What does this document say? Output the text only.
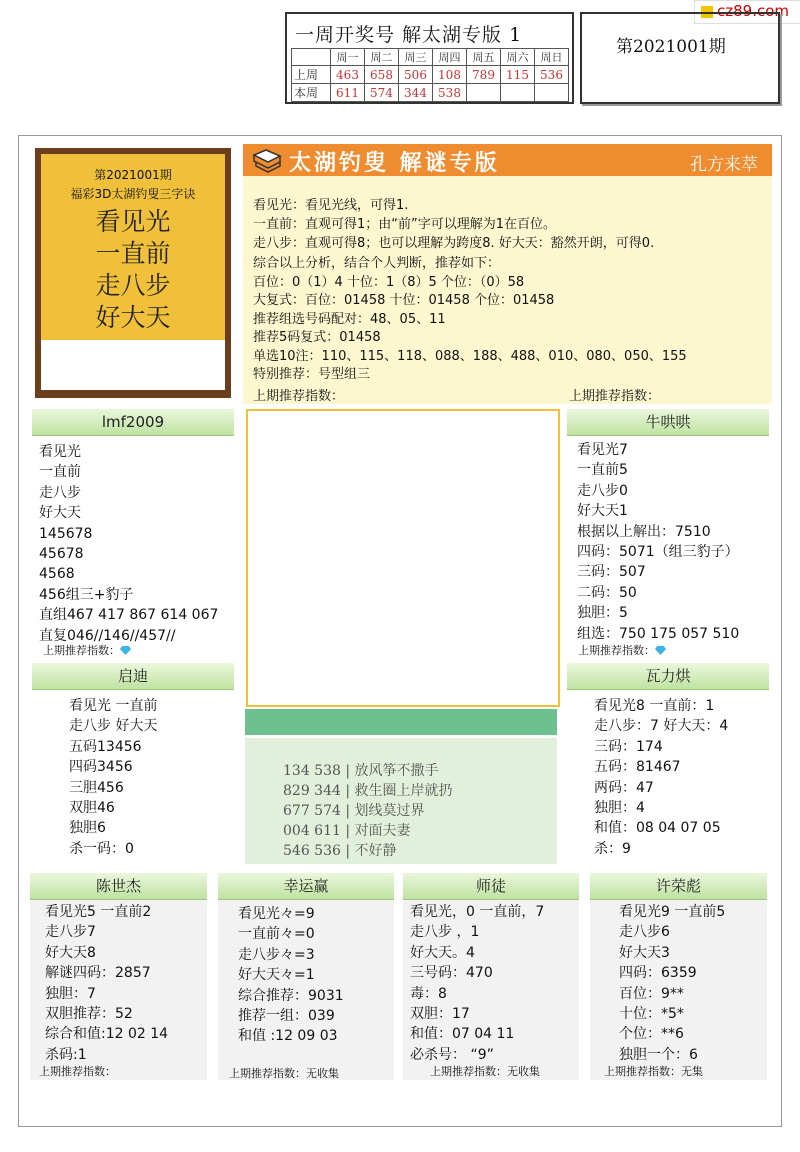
cz89.com
一周开奖号 解太湖专版 1
	周一	周二	周三	周四	周五	周六	周日
上周	463	658	506	108	789	115	536
本周	611	574	344	538			
第2021001期
第2021001期
福彩3D太湖钓叟三字诀
看见光
一直前
走八步
好大天
太湖钓叟 解谜专版	孔方来萃
看见光：看见光线，可得1.
一直前：直观可得1；由“前”字可以理解为1在百位。
走八步：直观可得8；也可以理解为跨度8. 好大天：豁然开朗，可得0.
综合以上分析，结合个人判断，推荐如下：
百位：0（1）4 十位：1（8）5 个位：（0）58
大复式：百位：01458 十位：01458 个位：01458
推荐组选号码配对：48、05、11
推荐5码复式：01458
单选10注：110、115、118、088、188、488、010、080、050、155
特别推荐：号型组三
上期推荐指数：	上期推荐指数：
lmf2009
看见光
一直前
走八步
好大天
145678
45678
4568
456组三+豹子
直组467 417 867 614 067
直复046//146//457//
上期推荐指数：
牛哄哄
看见光7
一直前5
走八步0
好大天1
根据以上解出：7510
四码：5071（组三豹子）
三码：507
二码：50
独胆：5
组选：750 175 057 510
上期推荐指数：
启迪
看见光 一直前
走八步 好大天
五码13456
四码3456
三胆456
双胆46
独胆6
杀一码：0
瓦力烘
看见光8 一直前：1
走八步：7 好大天：4
三码：174
五码：81467
两码：47
独胆：4
和值：08 04 07 05
杀：9
134 538 | 放风筝不撒手
829 344 | 救生圈上岸就扔
677 574 | 划线莫过界
004 611 | 对面夫妻
546 536 | 不好静
陈世杰
看见光5 一直前2
走八步7
好大天8
解谜四码：2857
独胆：7
双胆推荐：52
综合和值:12 02 14
杀码:1
上期推荐指数：
幸运赢
看见光々=9
一直前々=0
走八步々=3
好大天々=1
综合推荐：9031
推荐一组：039
和值 :12 09 03
上期推荐指数：无收集
师徒
看见光，0 一直前，7
走八步 ，1
好大天。4
三号码：470
毒：8
双胆：17
和值：07 04 11
必杀号： “9”
上期推荐指数：无收集
许荣彪
看见光9 一直前5
走八步6
好大天3
四码：6359
百位：9**
十位：*5*
个位：**6
独胆一个：6
上期推荐指数：无集
